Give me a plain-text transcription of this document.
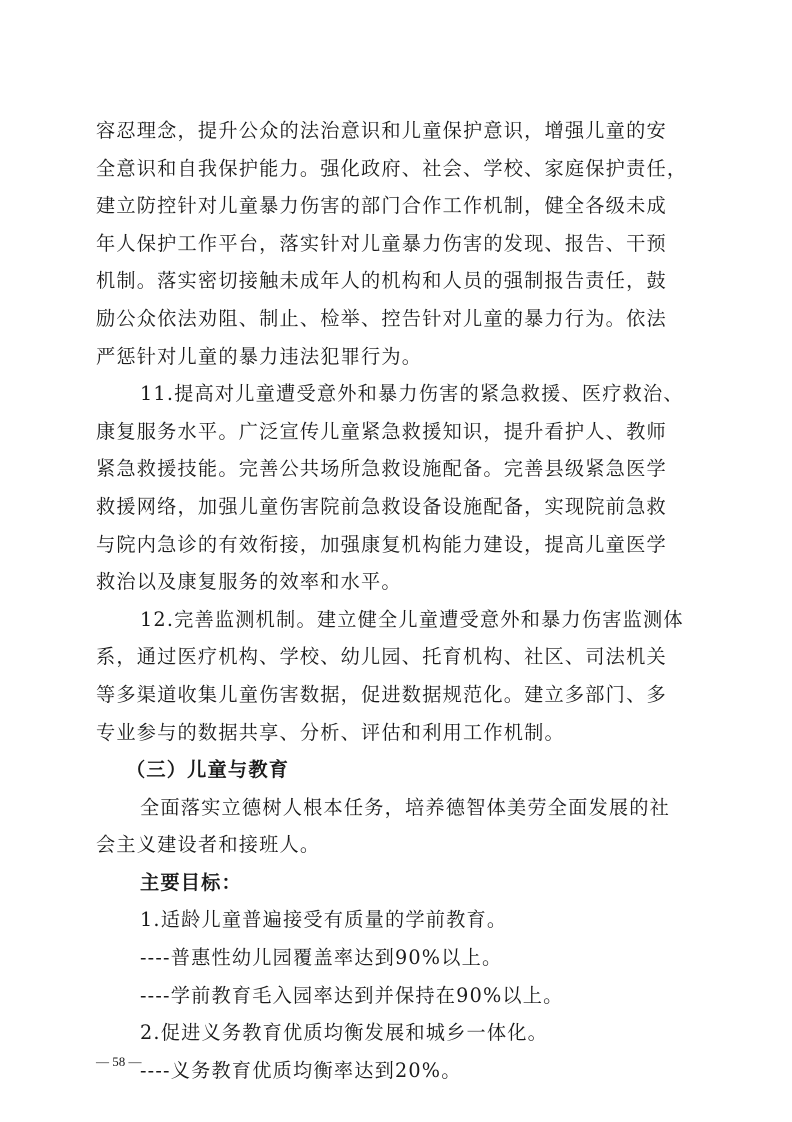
容忍理念，提升公众的法治意识和儿童保护意识，增强儿童的安
全意识和自我保护能力。强化政府、社会、学校、家庭保护责任，
建立防控针对儿童暴力伤害的部门合作工作机制，健全各级未成
年人保护工作平台，落实针对儿童暴力伤害的发现、报告、干预
机制。落实密切接触未成年人的机构和人员的强制报告责任，鼓
励公众依法劝阻、制止、检举、控告针对儿童的暴力行为。依法
严惩针对儿童的暴力违法犯罪行为。
11.提高对儿童遭受意外和暴力伤害的紧急救援、医疗救治、
康复服务水平。广泛宣传儿童紧急救援知识，提升看护人、教师
紧急救援技能。完善公共场所急救设施配备。完善县级紧急医学
救援网络，加强儿童伤害院前急救设备设施配备，实现院前急救
与院内急诊的有效衔接，加强康复机构能力建设，提高儿童医学
救治以及康复服务的效率和水平。
12.完善监测机制。建立健全儿童遭受意外和暴力伤害监测体
系，通过医疗机构、学校、幼儿园、托育机构、社区、司法机关
等多渠道收集儿童伤害数据，促进数据规范化。建立多部门、多
专业参与的数据共享、分析、评估和利用工作机制。
（三）儿童与教育
全面落实立德树人根本任务，培养德智体美劳全面发展的社
会主义建设者和接班人。
主要目标：
1.适龄儿童普遍接受有质量的学前教育。
----普惠性幼儿园覆盖率达到90%以上。
----学前教育毛入园率达到并保持在90%以上。
2.促进义务教育优质均衡发展和城乡一体化。
----义务教育优质均衡率达到20%。
— 58 —
